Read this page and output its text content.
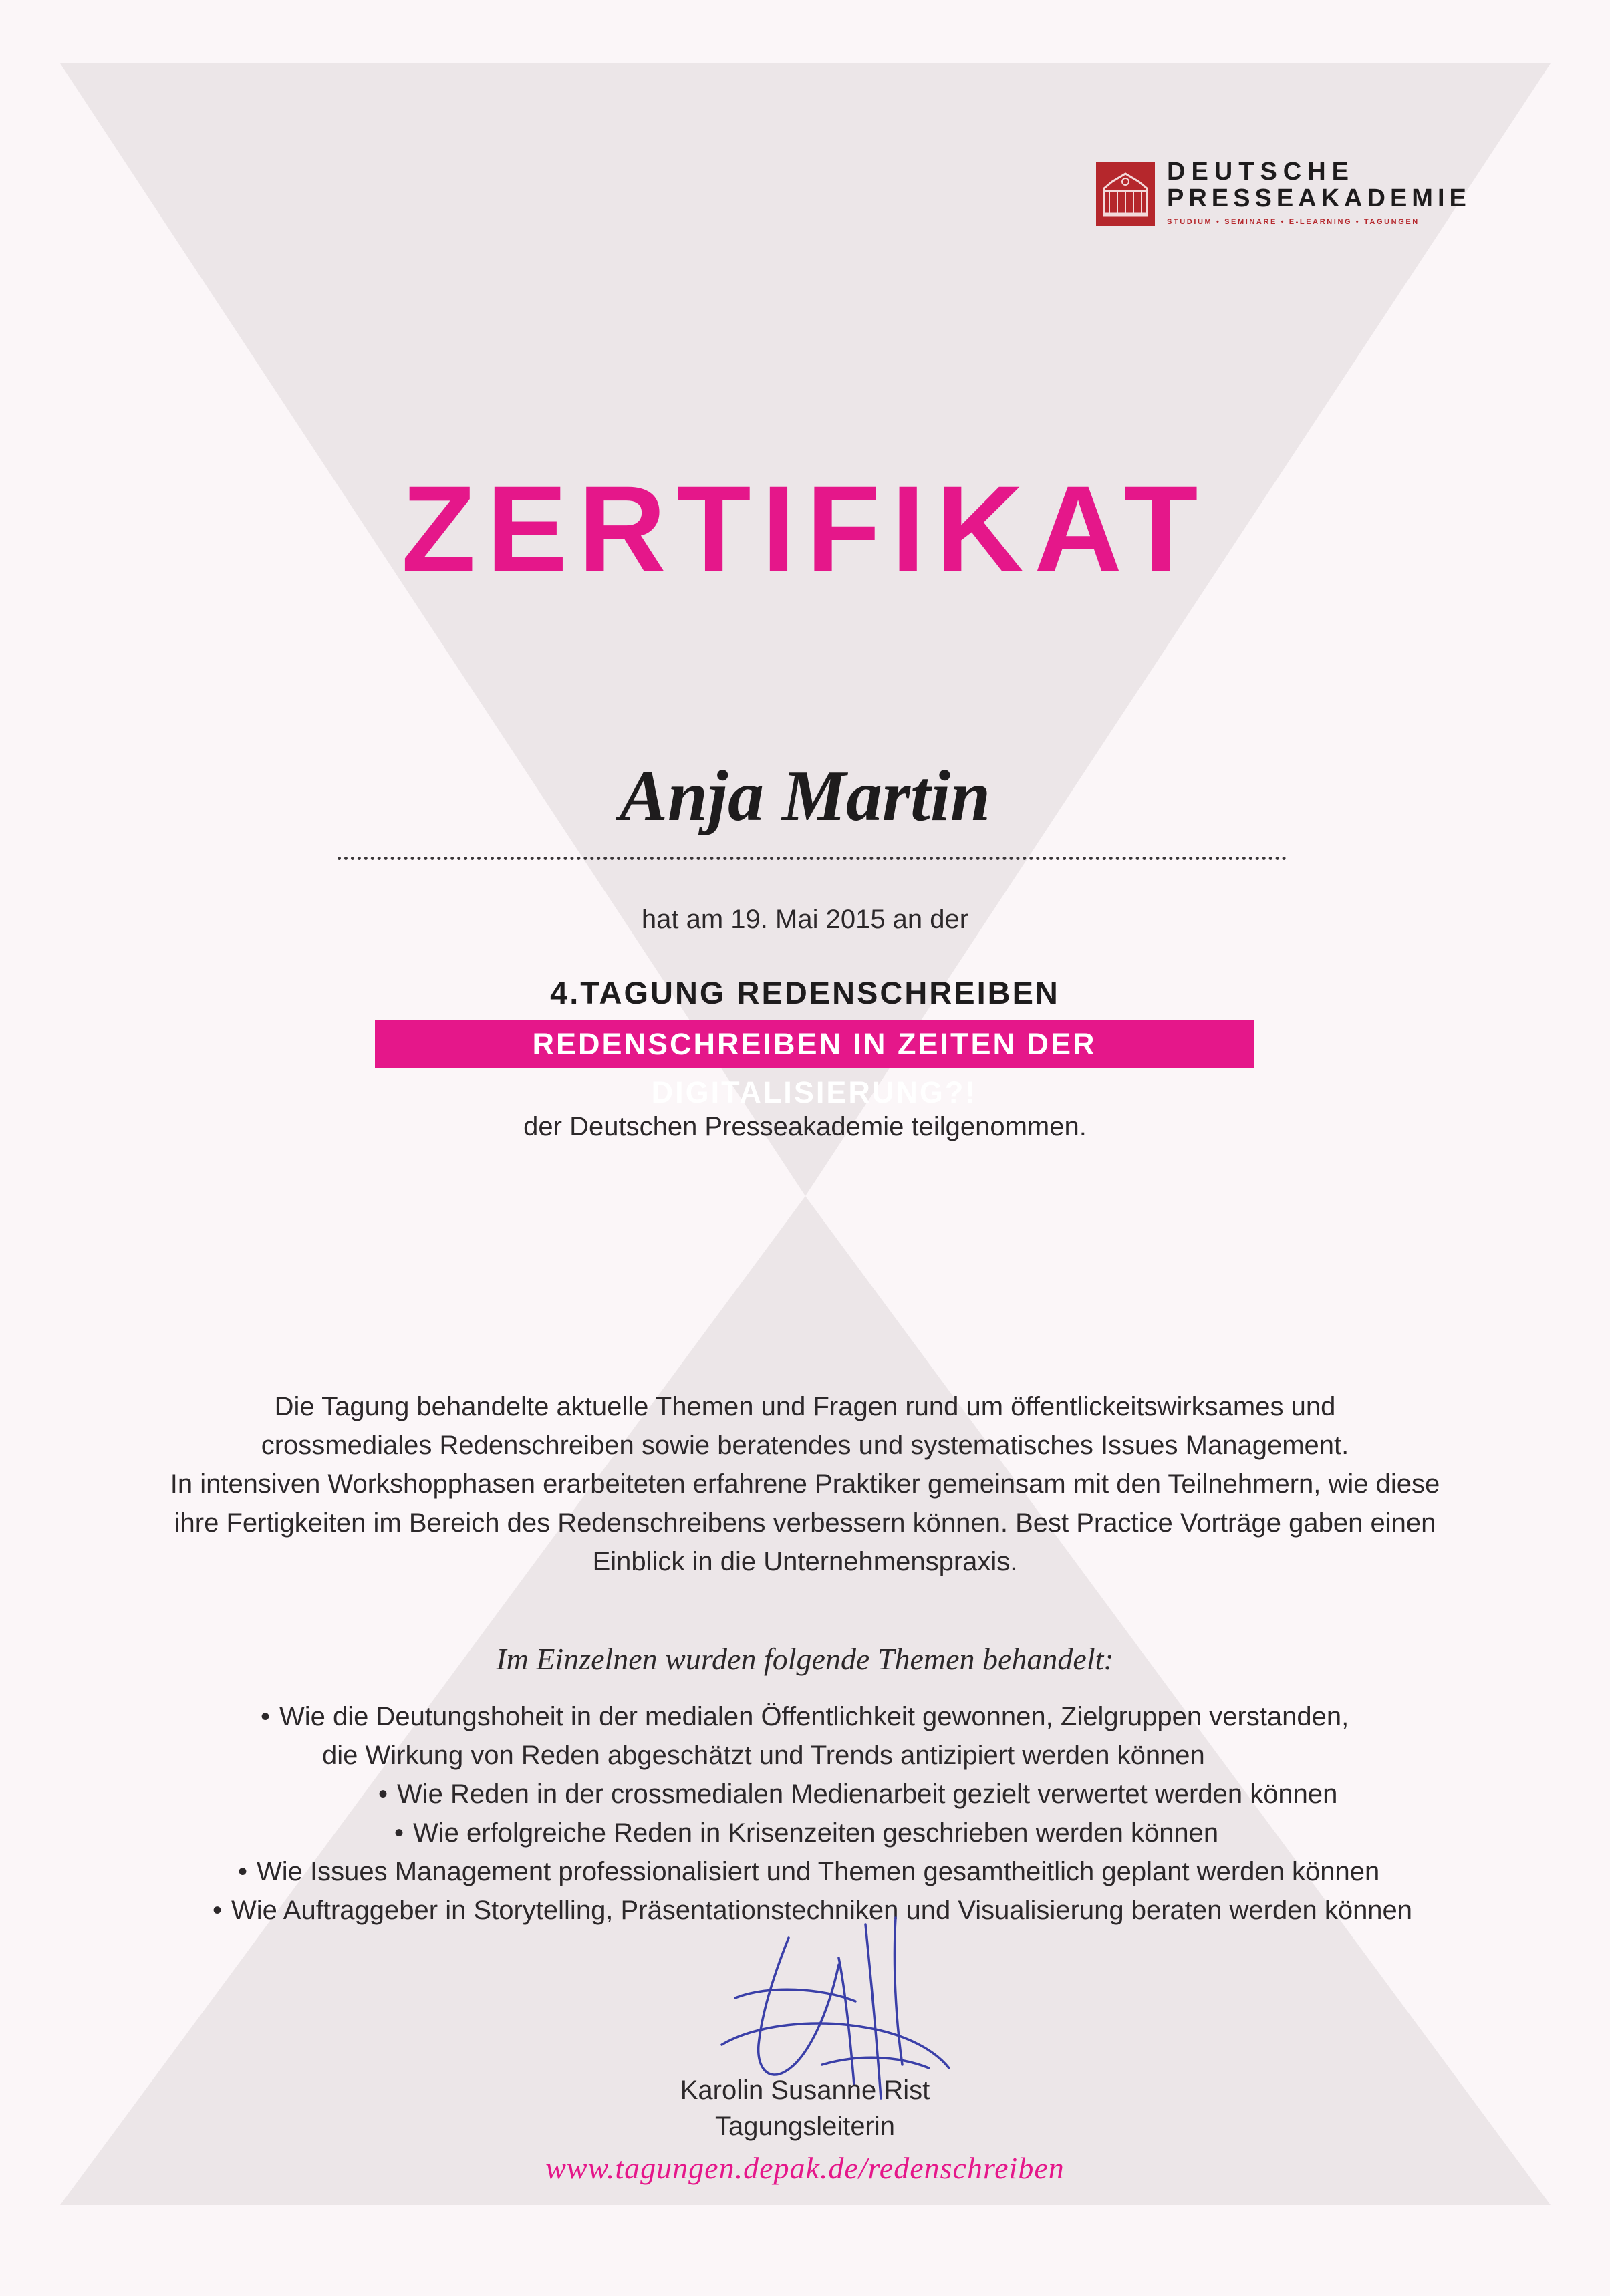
DEUTSCHE
PRESSEAKADEMIE
STUDIUM • SEMINARE • E-LEARNING • TAGUNGEN
ZERTIFIKAT
Anja Martin
hat am 19. Mai 2015 an der
4.TAGUNG REDENSCHREIBEN
REDENSCHREIBEN IN ZEITEN DER DIGITALISIERUNG?!
der Deutschen Presseakademie teilgenommen.

Die Tagung behandelte aktuelle Themen und Fragen rund um öffentlickeitswirksames und

crossmediales Redenschreiben sowie beratendes und systematisches Issues Management.

In intensiven Workshopphasen erarbeiteten erfahrene Praktiker gemeinsam mit den Teilnehmern, wie diese

ihre Fertigkeiten im Bereich des Redenschreibens verbessern können. Best Practice Vorträge gaben einen

Einblick in die Unternehmenspraxis.

Im Einzelnen wurden folgende Themen behandelt:
• Wie die Deutungshoheit in der medialen Öffentlichkeit gewonnen, Zielgruppen verstanden,
die Wirkung von Reden abgeschätzt und Trends antizipiert werden können
• Wie Reden in der crossmedialen Medienarbeit gezielt verwertet werden können
• Wie erfolgreiche Reden in Krisenzeiten geschrieben werden können
• Wie Issues Management professionalisiert und Themen gesamtheitlich geplant werden können
• Wie Auftraggeber in Storytelling, Präsentationstechniken und Visualisierung beraten werden können
Karolin Susanne Rist
Tagungsleiterin
www.tagungen.depak.de/redenschreiben
